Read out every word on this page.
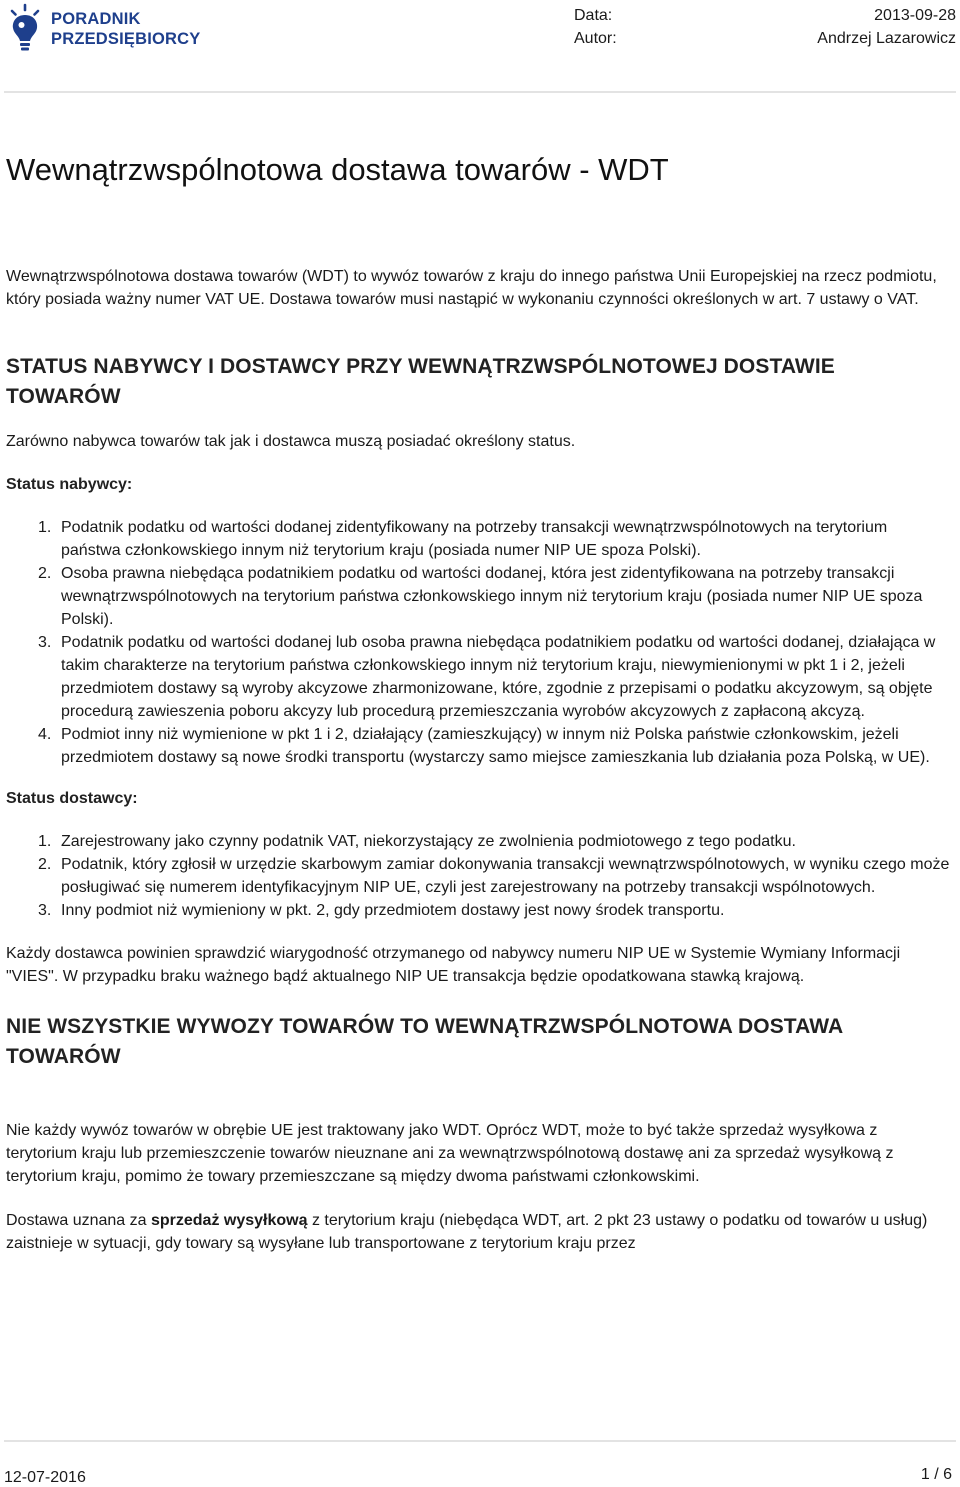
PORADNIK
PRZEDSIĘBIORCY
Data:	2013-09-28
Autor:	Andrzej Lazarowicz
Wewnątrzwspólnotowa dostawa towarów - WDT

Wewnątrzwspólnotowa dostawa towarów (WDT) to wywóz towarów z kraju do innego państwa Unii Europejskiej na rzecz podmiotu, który posiada ważny numer VAT UE. Dostawa towarów musi nastąpić w wykonaniu czynności określonych w art. 7 ustawy o VAT.

STATUS NABYWCY I DOSTAWCY PRZY WEWNĄTRZWSPÓLNOTOWEJ DOSTAWIE TOWARÓW

Zarówno nabywca towarów tak jak i dostawca muszą posiadać określony status.

Status nabywcy:
1. Podatnik podatku od wartości dodanej zidentyfikowany na potrzeby transakcji wewnątrzwspólnotowych na terytorium państwa członkowskiego innym niż terytorium kraju (posiada numer NIP UE spoza Polski).
2. Osoba prawna niebędąca podatnikiem podatku od wartości dodanej, która jest zidentyfikowana na potrzeby transakcji wewnątrzwspólnotowych na terytorium państwa członkowskiego innym niż terytorium kraju (posiada numer NIP UE spoza Polski).
3. Podatnik podatku od wartości dodanej lub osoba prawna niebędąca podatnikiem podatku od wartości dodanej, działająca w takim charakterze na terytorium państwa członkowskiego innym niż terytorium kraju, niewymienionymi w pkt 1 i 2, jeżeli przedmiotem dostawy są wyroby akcyzowe zharmonizowane, które, zgodnie z przepisami o podatku akcyzowym, są objęte procedurą zawieszenia poboru akcyzy lub procedurą przemieszczania wyrobów akcyzowych z zapłaconą akcyzą.
4. Podmiot inny niż wymienione w pkt 1 i 2, działający (zamieszkujący) w innym niż Polska państwie członkowskim, jeżeli przedmiotem dostawy są nowe środki transportu (wystarczy samo miejsce zamieszkania lub działania poza Polską, w UE).
Status dostawcy:
1. Zarejestrowany jako czynny podatnik VAT, niekorzystający ze zwolnienia podmiotowego z tego podatku.
2. Podatnik, który zgłosił w urzędzie skarbowym zamiar dokonywania transakcji wewnątrzwspólnotowych, w wyniku czego może posługiwać się numerem identyfikacyjnym NIP UE, czyli jest zarejestrowany na potrzeby transakcji wspólnotowych.
3. Inny podmiot niż wymieniony w pkt. 2, gdy przedmiotem dostawy jest nowy środek transportu.

Każdy dostawca powinien sprawdzić wiarygodność otrzymanego od nabywcy numeru NIP UE w Systemie Wymiany Informacji "VIES". W przypadku braku ważnego bądź aktualnego NIP UE transakcja będzie opodatkowana stawką krajową.

NIE WSZYSTKIE WYWOZY TOWARÓW TO WEWNĄTRZWSPÓLNOTOWA DOSTAWA TOWARÓW

Nie każdy wywóz towarów w obrębie UE jest traktowany jako WDT. Oprócz WDT, może to być także sprzedaż wysyłkowa z terytorium kraju lub przemieszczenie towarów nieuznane ani za wewnątrzwspólnotową dostawę ani za sprzedaż wysyłkową z terytorium kraju, pomimo że towary przemieszczane są między dwoma państwami członkowskimi.

Dostawa uznana za sprzedaż wysyłkową z terytorium kraju (niebędąca WDT, art. 2 pkt 23 ustawy o podatku od towarów u usług) zaistnieje w sytuacji, gdy towary są wysyłane lub transportowane z terytorium kraju przez

12-07-2016	1 / 6
